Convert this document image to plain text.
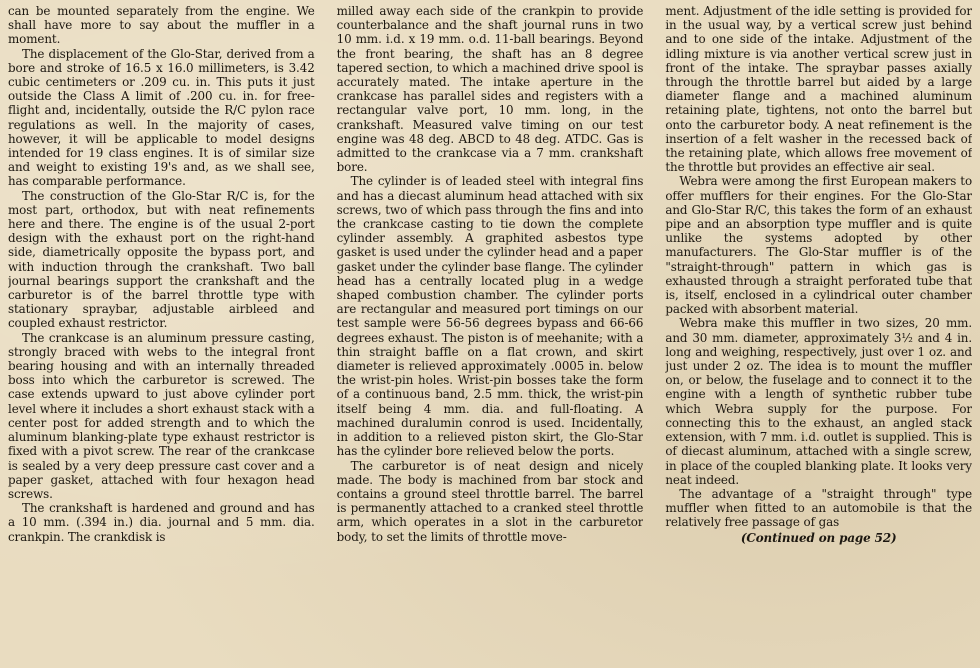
can be mounted separately from the engine. We shall have more to say about the muffler in a moment.

The displacement of the Glo-Star, derived from a bore and stroke of 16.5 x 16.0 millimeters, is 3.42 cubic centimeters or .209 cu. in. This puts it just outside the Class A limit of .200 cu. in. for free-flight and, incidentally, outside the R/C pylon race regulations as well. In the majority of cases, however, it will be applicable to model designs intended for 19 class engines. It is of similar size and weight to existing 19's and, as we shall see, has comparable performance.

The construction of the Glo-Star R/C is, for the most part, orthodox, but with neat refinements here and there. The engine is of the usual 2-port design with the exhaust port on the right-hand side, diametrically opposite the bypass port, and with induction through the crankshaft. Two ball journal bearings support the crankshaft and the carburetor is of the barrel throttle type with stationary spraybar, adjustable airbleed and coupled exhaust restrictor.

The crankcase is an aluminum pressure casting, strongly braced with webs to the integral front bearing housing and with an internally threaded boss into which the carburetor is screwed. The case extends upward to just above cylinder port level where it includes a short exhaust stack with a center post for added strength and to which the aluminum blanking-plate type exhaust restrictor is fixed with a pivot screw. The rear of the crankcase is sealed by a very deep pressure cast cover and a paper gasket, attached with four hexagon head screws.

The crankshaft is hardened and ground and has a 10 mm. (.394 in.) dia. journal and 5 mm. dia. crankpin. The crankdisk is

milled away each side of the crankpin to provide counterbalance and the shaft journal runs in two 10 mm. i.d. x 19 mm. o.d. 11-ball bearings. Beyond the front bearing, the shaft has an 8 degree tapered section, to which a machined drive spool is accurately mated. The intake aperture in the crankcase has parallel sides and registers with a rectangular valve port, 10 mm. long, in the crankshaft. Measured valve timing on our test engine was 48 deg. ABCD to 48 deg. ATDC. Gas is admitted to the crankcase via a 7 mm. crankshaft bore.

The cylinder is of leaded steel with integral fins and has a diecast aluminum head attached with six screws, two of which pass through the fins and into the crankcase casting to tie down the complete cylinder assembly. A graphited asbestos type gasket is used under the cylinder head and a paper gasket under the cylinder base flange. The cylinder head has a centrally located plug in a wedge shaped combustion chamber. The cylinder ports are rectangular and measured port timings on our test sample were 56-56 degrees bypass and 66-66 degrees exhaust. The piston is of meehanite; with a thin straight baffle on a flat crown, and skirt diameter is relieved approximately .0005 in. below the wrist-pin holes. Wrist-pin bosses take the form of a continuous band, 2.5 mm. thick, the wrist-pin itself being 4 mm. dia. and full-floating. A machined duralumin conrod is used. Incidentally, in addition to a relieved piston skirt, the Glo-Star has the cylinder bore relieved below the ports.

The carburetor is of neat design and nicely made. The body is machined from bar stock and contains a ground steel throttle barrel. The barrel is permanently attached to a cranked steel throttle arm, which operates in a slot in the carburetor body, to set the limits of throttle move-

ment. Adjustment of the idle setting is provided for in the usual way, by a vertical screw just behind and to one side of the intake. Adjustment of the idling mixture is via another vertical screw just in front of the intake. The spraybar passes axially through the throttle barrel but aided by a large diameter flange and a machined aluminum retaining plate, tightens, not onto the barrel but onto the carburetor body. A neat refinement is the insertion of a felt washer in the recessed back of the retaining plate, which allows free movement of the throttle but provides an effective air seal.

Webra were among the first European makers to offer mufflers for their engines. For the Glo-Star and Glo-Star R/C, this takes the form of an exhaust pipe and an absorption type muffler and is quite unlike the systems adopted by other manufacturers. The Glo-Star muffler is of the "straight-through" pattern in which gas is exhausted through a straight perforated tube that is, itself, enclosed in a cylindrical outer chamber packed with absorbent material.

Webra make this muffler in two sizes, 20 mm. and 30 mm. diameter, approximately 3½ and 4 in. long and weighing, respectively, just over 1 oz. and just under 2 oz. The idea is to mount the muffler on, or below, the fuselage and to connect it to the engine with a length of synthetic rubber tube which Webra supply for the purpose. For connecting this to the exhaust, an angled stack extension, with 7 mm. i.d. outlet is supplied. This is of diecast aluminum, attached with a single screw, in place of the coupled blanking plate. It looks very neat indeed.

The advantage of a "straight through" type muffler when fitted to an automobile is that the relatively free passage of gas

(Continued on page 52)
